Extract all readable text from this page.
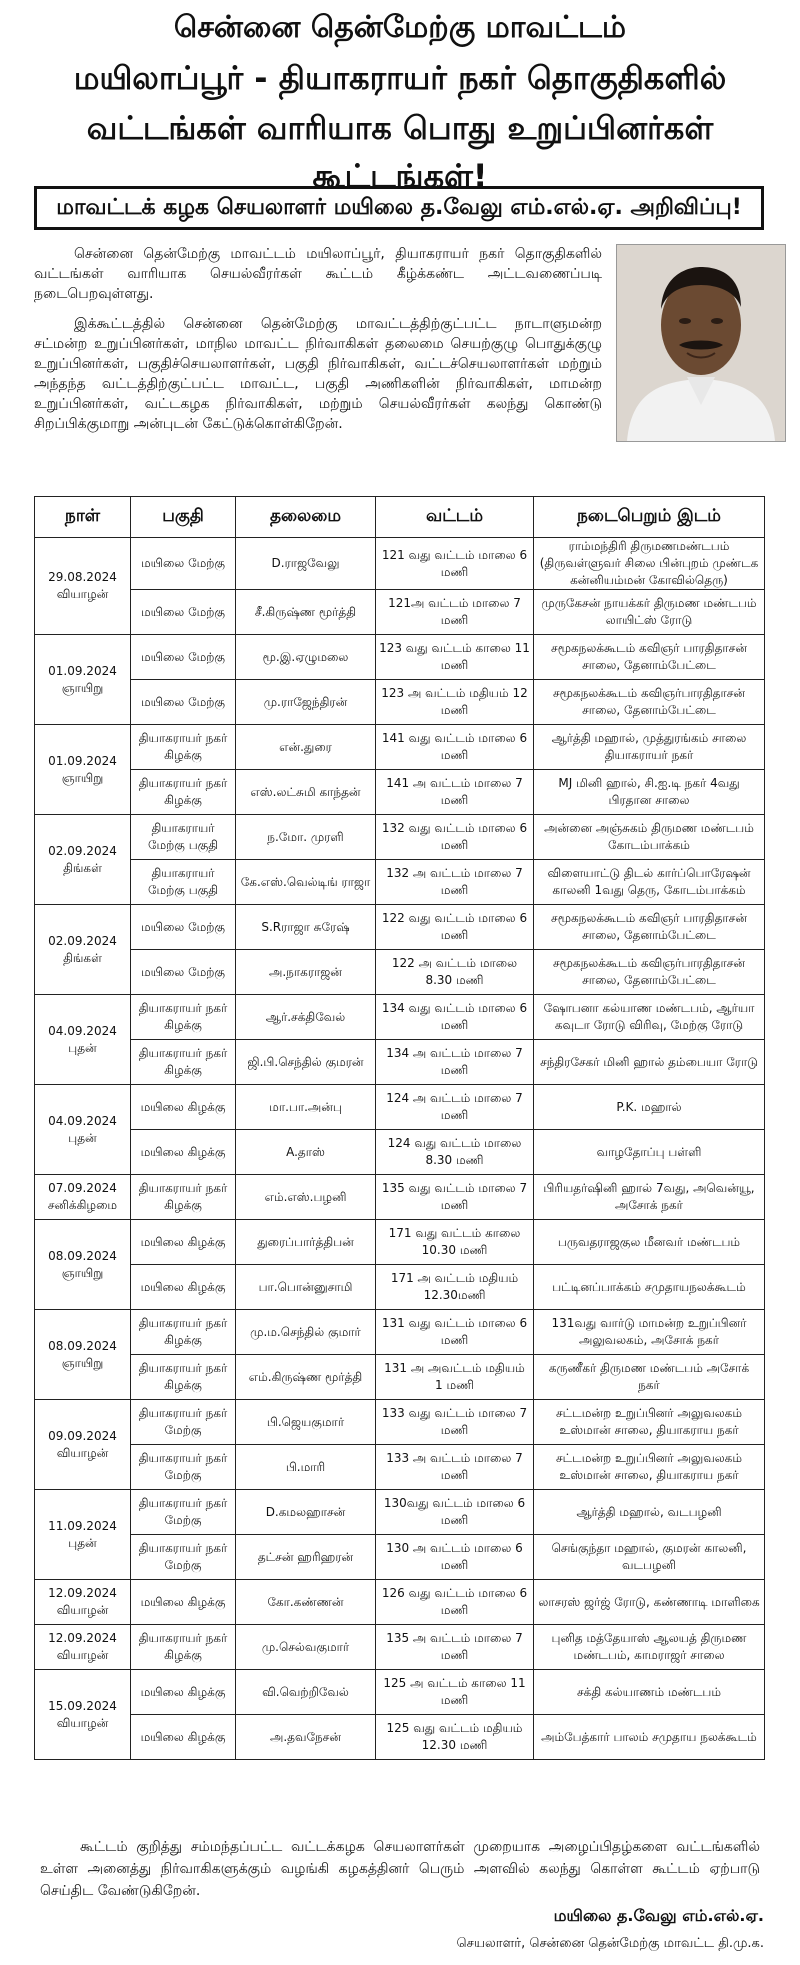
சென்னை தென்மேற்கு மாவட்டம்
மயிலாப்பூர் - தியாகராயர் நகர் தொகுதிகளில்
வட்டங்கள் வாரியாக பொது உறுப்பினர்கள் கூட்டங்கள்!
மாவட்டக் கழக செயலாளர் மயிலை த.வேலு எம்.எல்.ஏ. அறிவிப்பு!

சென்னை தென்மேற்கு மாவட்டம் மயிலாப்பூர், தியாகராயர் நகர் தொகுதிகளில் வட்டங்கள் வாரியாக செயல்வீரர்கள் கூட்டம் கீழ்க்கண்ட அட்டவணைப்படி நடைபெறவுள்ளது.

இக்கூட்டத்தில் சென்னை தென்மேற்கு மாவட்டத்திற்குட்பட்ட நாடாளுமன்ற சட்மன்ற உறுப்பினர்கள், மாநில மாவட்ட நிர்வாகிகள் தலைமை செயற்குழு பொதுக்குழு உறுப்பினர்கள், பகுதிச்செயலாளர்கள், பகுதி நிர்வாகிகள், வட்டச்செயலாளர்கள் மற்றும் அந்தந்த வட்டத்திற்குட்பட்ட மாவட்ட, பகுதி அணிகளின் நிர்வாகிகள், மாமன்ற உறுப்பினர்கள், வட்டகழக நிர்வாகிகள், மற்றும் செயல்வீரர்கள் கலந்து கொண்டு சிறப்பிக்குமாறு அன்புடன் கேட்டுக்கொள்கிறேன்.

நாள்	பகுதி	தலைமை	வட்டம்	நடைபெறும் இடம்

29.08.2024
வியாழன்	மயிலை மேற்கு	D.ராஜவேலு	121 வது வட்டம் மாலை 6 மணி	ராம்மந்திரி திருமணமண்டபம் (திருவள்ளுவர் சிலை பின்புறம் முண்டக கன்னியம்மன் கோவில்தெரு)
	மயிலை மேற்கு	சீ.கிருஷ்ண மூர்த்தி	121அ வட்டம் மாலை 7 மணி	முருகேசன் நாயக்கர் திருமண மண்டபம் லாயிட்ஸ் ரோடு

01.09.2024
ஞாயிறு	மயிலை மேற்கு	மூ.இ.ஏழுமலை	123 வது வட்டம் காலை 11 மணி	சமூகநலக்கூடம் கவிஞர் பாரதிதாசன் சாலை, தேனாம்பேட்டை
	மயிலை மேற்கு	மு.ராஜேந்திரன்	123 அ வட்டம் மதியம் 12 மணி	சமூகநலக்கூடம் கவிஞர்பாரதிதாசன் சாலை, தேனாம்பேட்டை

01.09.2024
ஞாயிறு	தியாகராயர் நகர் கிழக்கு	என்.துரை	141 வது வட்டம் மாலை 6 மணி	ஆர்த்தி மஹால், முத்துரங்கம் சாலை தியாகராயர் நகர்
	தியாகராயர் நகர் கிழக்கு	எஸ்.லட்சுமி காந்தன்	141 அ வட்டம் மாலை 7 மணி	MJ மினி ஹால், சி.ஐ.டி நகர் 4வது பிரதான சாலை

02.09.2024
திங்கள்	தியாகராயர் மேற்கு பகுதி	ந.மோ. முரளி	132 வது வட்டம் மாலை 6 மணி	அன்னை அஞ்சுகம் திருமண மண்டபம் கோடம்பாக்கம்
	தியாகராயர் மேற்கு பகுதி	கே.எஸ்.வெல்டிங் ராஜா	132 அ வட்டம் மாலை 7 மணி	விளையாட்டு திடல் கார்ப்பொரேஷன் காலனி 1வது தெரு, கோடம்பாக்கம்

02.09.2024
திங்கள்	மயிலை மேற்கு	S.Rராஜா சுரேஷ்	122 வது வட்டம் மாலை 6 மணி	சமூகநலக்கூடம் கவிஞர் பாரதிதாசன் சாலை, தேனாம்பேட்டை
	மயிலை மேற்கு	அ.நாகராஜன்	122 அ வட்டம் மாலை 8.30 மணி	சமூகநலக்கூடம் கவிஞர்பாரதிதாசன் சாலை, தேனாம்பேட்டை

04.09.2024
புதன்	தியாகராயர் நகர் கிழக்கு	ஆர்.சக்திவேல்	134 வது வட்டம் மாலை 6 மணி	ஷோபனா கல்யாண மண்டபம், ஆர்யா கவுடா ரோடு விரிவு, மேற்கு ரோடு
	தியாகராயர் நகர் கிழக்கு	ஜி.பி.செந்தில் குமரன்	134 அ வட்டம் மாலை 7 மணி	சந்திரசேகர் மினி ஹால் தம்பையா ரோடு

04.09.2024
புதன்	மயிலை கிழக்கு	மா.பா.அன்பு	124 அ வட்டம் மாலை 7 மணி	P.K. மஹால்
	மயிலை கிழக்கு	A.தாஸ்	124 வது வட்டம் மாலை 8.30 மணி	வாழதோப்பு பள்ளி

07.09.2024
சனிக்கிழமை	தியாகராயர் நகர் கிழக்கு	எம்.எஸ்.பழனி	135 வது வட்டம் மாலை 7 மணி	பிரியதர்ஷினி ஹால் 7வது, அவென்யூ, அசோக் நகர்

08.09.2024
ஞாயிறு	மயிலை கிழக்கு	துரைப்பார்த்திபன்	171 வது வட்டம் காலை 10.30 மணி	பருவதராஜகுல மீனவர் மண்டபம்
	மயிலை கிழக்கு	பா.பொன்னுசாமி	171 அ வட்டம் மதியம் 12.30மணி	பட்டினப்பாக்கம் சமுதாயநலக்கூடம்

08.09.2024
ஞாயிறு	தியாகராயர் நகர் கிழக்கு	மு.ம.செந்தில் குமார்	131 வது வட்டம் மாலை 6 மணி	131வது வார்டு மாமன்ற உறுப்பினர் அலுவலகம், அசோக் நகர்
	தியாகராயர் நகர் கிழக்கு	எம்.கிருஷ்ண மூர்த்தி	131 அ அவட்டம் மதியம் 1 மணி	கருணீகர் திருமண மண்டபம் அசோக் நகர்

09.09.2024
வியாழன்	தியாகராயர் நகர் மேற்கு	பி.ஜெயகுமார்	133 வது வட்டம் மாலை 7 மணி	சட்டமன்ற உறுப்பினர் அலுவலகம் உஸ்மான் சாலை, தியாகராய நகர்
	தியாகராயர் நகர் மேற்கு	பி.மாரி	133 அ வட்டம் மாலை 7 மணி	சட்டமன்ற உறுப்பினர் அலுவலகம் உஸ்மான் சாலை, தியாகராய நகர்

11.09.2024
புதன்	தியாகராயர் நகர் மேற்கு	D.கமலஹாசன்	130வது வட்டம் மாலை 6 மணி	ஆர்த்தி மஹால், வடபழனி
	தியாகராயர் நகர் மேற்கு	தட்சன் ஹரிஹரன்	130 அ வட்டம் மாலை 6 மணி	செங்குந்தா மஹால், குமரன் காலனி, வடபழனி

12.09.2024
வியாழன்	மயிலை கிழக்கு	கோ.கண்ணன்	126 வது வட்டம் மாலை 6 மணி	லாசரஸ் ஜர்ஜ் ரோடு, கண்ணாடி மாளிகை

12.09.2024
வியாழன்	தியாகராயர் நகர் கிழக்கு	மு.செல்வகுமார்	135 அ வட்டம் மாலை 7 மணி	புனித மத்தேயாஸ் ஆலயத் திருமண மண்டபம், காமராஜர் சாலை

15.09.2024
வியாழன்	மயிலை கிழக்கு	வி.வெற்றிவேல்	125 அ வட்டம் காலை 11 மணி	சக்தி கல்யாணம் மண்டபம்
	மயிலை கிழக்கு	அ.தவநேசன்	125 வது வட்டம் மதியம் 12.30 மணி	அம்பேத்கார் பாலம் சமுதாய நலக்கூடம்
கூட்டம் குறித்து சம்மந்தப்பட்ட வட்டக்கழக செயலாளர்கள் முறையாக அழைப்பிதழ்களை வட்டங்களில் உள்ள அனைத்து நிர்வாகிகளுக்கும் வழங்கி கழகத்தினர் பெரும் அளவில் கலந்து கொள்ள கூட்டம் ஏற்பாடு செய்திட வேண்டுகிறேன்.
மயிலை த.வேலு எம்.எல்.ஏ.
செயலாளர், சென்னை தென்மேற்கு மாவட்ட தி.மு.க.
